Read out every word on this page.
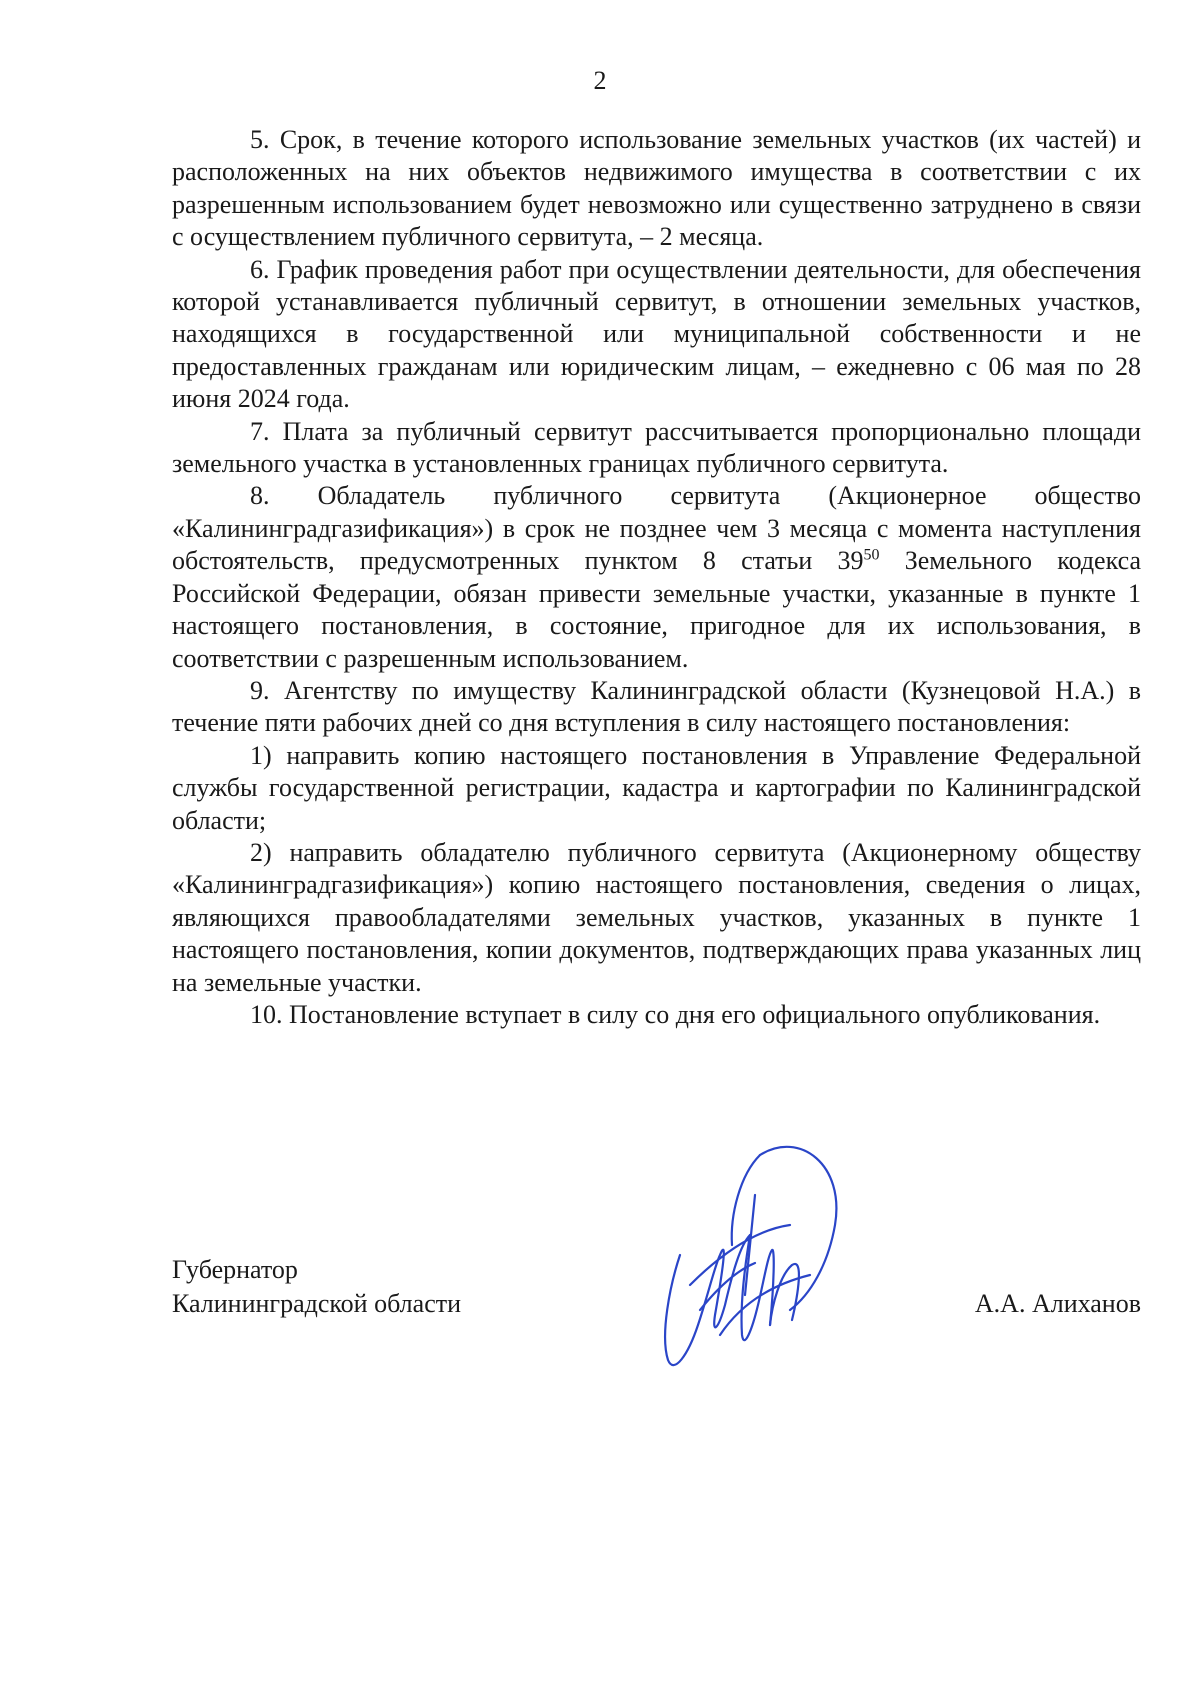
2

5. Срок, в течение которого использование земельных участков (их частей) и расположенных на них объектов недвижимого имущества в соответствии с их разрешенным использованием будет невозможно или существенно затруднено в связи с осуществлением публичного сервитута, – 2 месяца.

6. График проведения работ при осуществлении деятельности, для обеспечения которой устанавливается публичный сервитут, в отношении земельных участков, находящихся в государственной или муниципальной собственности и не предоставленных гражданам или юридическим лицам, – ежедневно с 06 мая по 28 июня 2024 года.

7. Плата за публичный сервитут рассчитывается пропорционально площади земельного участка в установленных границах публичного сервитута.

8. Обладатель публичного сервитута (Акционерное общество «Калининградгазификация») в срок не позднее чем 3 месяца с момента наступления обстоятельств, предусмотренных пунктом 8 статьи $39^{50}$ Земельного кодекса Российской Федерации, обязан привести земельные участки, указанные в пункте 1 настоящего постановления, в состояние, пригодное для их использования, в соответствии с разрешенным использованием.

9. Агентству по имуществу Калининградской области (Кузнецовой Н.А.) в течение пяти рабочих дней со дня вступления в силу настоящего постановления:

1) направить копию настоящего постановления в Управление Федеральной службы государственной регистрации, кадастра и картографии по Калининградской области;

2) направить обладателю публичного сервитута (Акционерному обществу «Калининградгазификация») копию настоящего постановления, сведения о лицах, являющихся правообладателями земельных участков, указанных в пункте 1 настоящего постановления, копии документов, подтверждающих права указанных лиц на земельные участки.

10. Постановление вступает в силу со дня его официального опубликования.

Губернатор
Калининградской области	А.А. Алиханов
